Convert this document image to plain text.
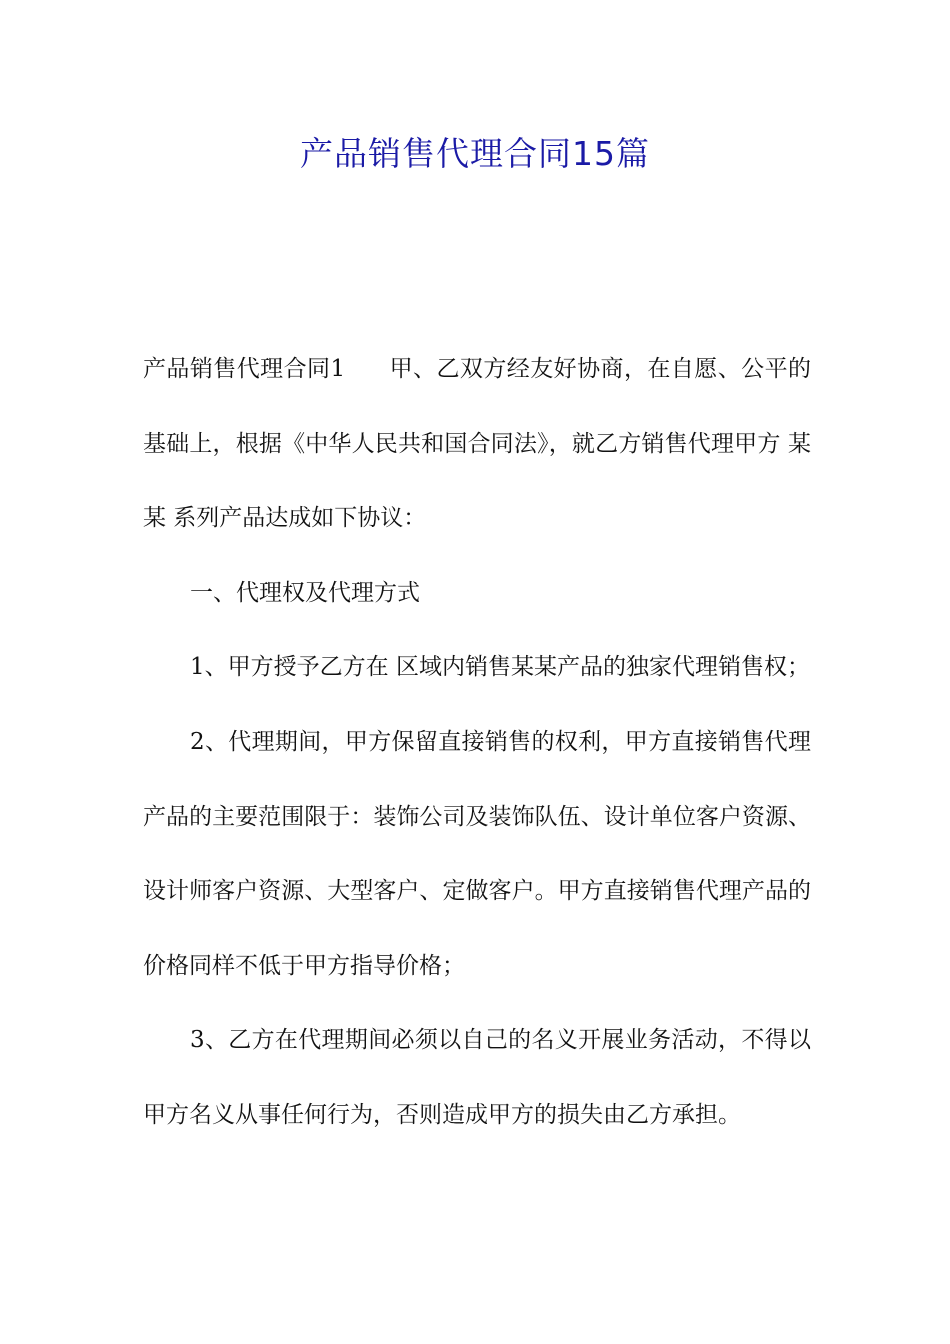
产品销售代理合同15篇

产品销售代理合同1 甲、乙双方经友好协商，在自愿、公平的基础上，根据《中华人民共和国合同法》，就乙方销售代理甲方 某某 系列产品达成如下协议：

一、代理权及代理方式

1、甲方授予乙方在 区域内销售某某产品的独家代理销售权；

2、代理期间，甲方保留直接销售的权利，甲方直接销售代理产品的主要范围限于：装饰公司及装饰队伍、设计单位客户资源、设计师客户资源、大型客户、定做客户。甲方直接销售代理产品的价格同样不低于甲方指导价格；

3、乙方在代理期间必须以自己的名义开展业务活动，不得以甲方名义从事任何行为，否则造成甲方的损失由乙方承担。
